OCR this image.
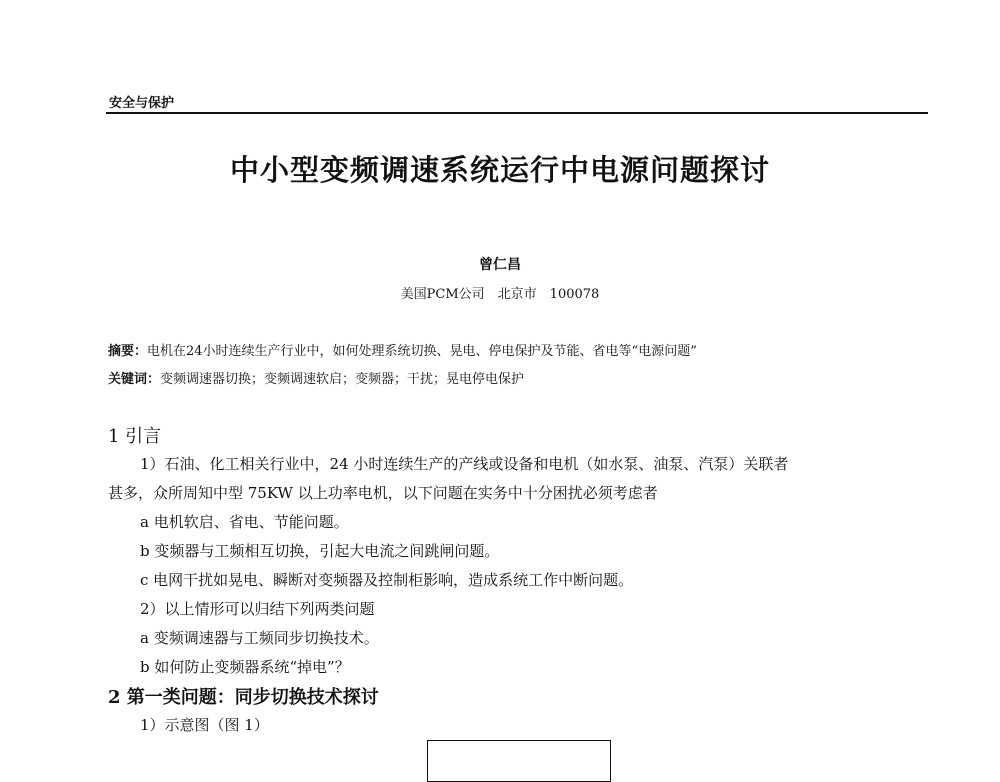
安全与保护
中小型变频调速系统运行中电源问题探讨
曾仁昌
美国PCM公司　北京市　100078
摘要：电机在24小时连续生产行业中，如何处理系统切换、晃电、停电保护及节能、省电等“电源问题”
关键词：变频调速器切换；变频调速软启；变频器；干扰；晃电停电保护
1 引言
1）石油、化工相关行业中，24 小时连续生产的产线或设备和电机（如水泵、油泵、汽泵）关联者
甚多，众所周知中型 75KW 以上功率电机，以下问题在实务中十分困扰必须考虑者
a 电机软启、省电、节能问题。
b 变频器与工频相互切换，引起大电流之间跳闸问题。
c 电网干扰如晃电、瞬断对变频器及控制柜影响，造成系统工作中断问题。
2）以上情形可以归结下列两类问题
a 变频调速器与工频同步切换技术。
b 如何防止变频器系统“掉电”？
2 第一类问题：同步切换技术探讨
1）示意图（图 1）
